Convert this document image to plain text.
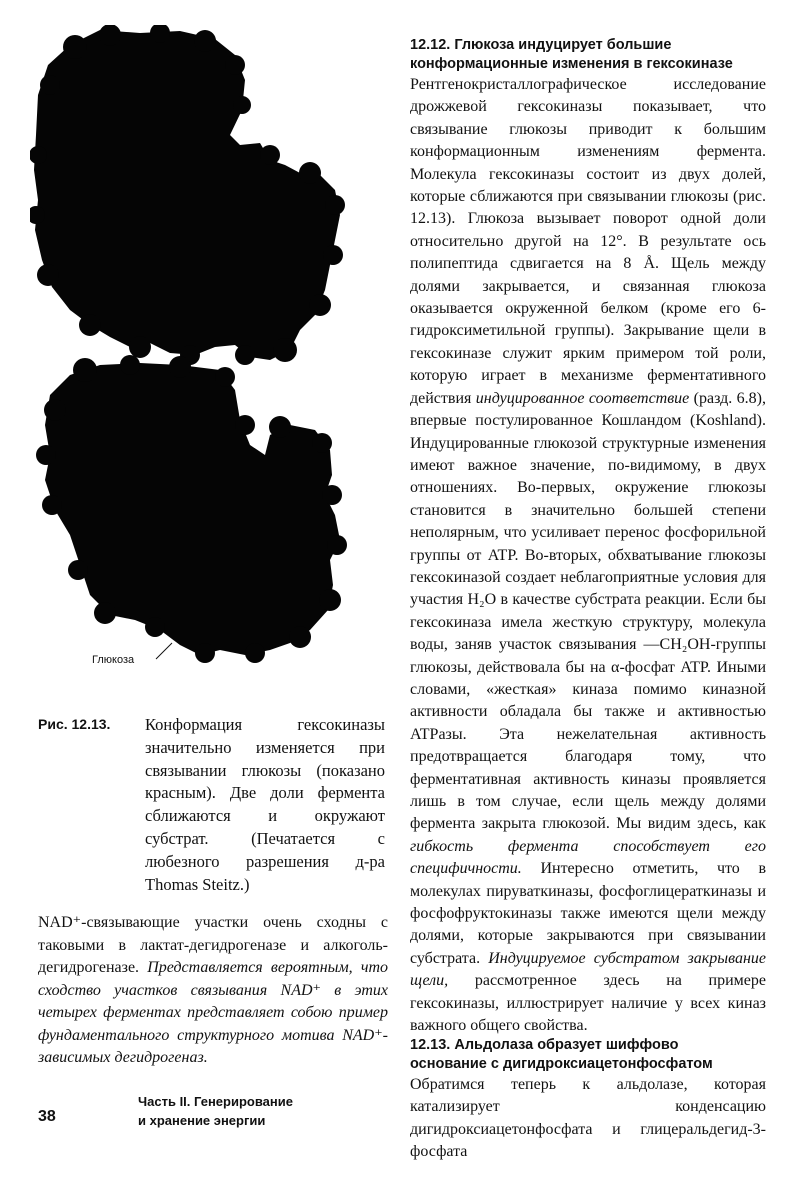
Глюкоза
Рис. 12.13. Конформация гексокиназы значительно изменяется при связывании глюкозы (показано красным). Две доли фермента сближаются и окружают субстрат. (Печатается с любезного разрешения д-ра Thomas Steitz.)

NAD⁺-связывающие участки очень сходны с таковыми в лактат-дегидрогеназе и алкоголь-дегидрогеназе. Представляется вероятным, что сходство участков связывания NAD⁺ в этих четырех ферментах представляет собою пример фундаментального структурного мотива NAD⁺-зависимых дегидрогеназ.

Часть II. Генерирование
и хранение энергии
38
12.12. Глюкоза индуцирует большие
конформационные изменения в гексокиназе

Рентгенокристаллографическое исследование дрожжевой гексокиназы показывает, что связывание глюкозы приводит к большим конформационным изменениям фермента. Молекула гексокиназы состоит из двух долей, которые сближаются при связывании глюкозы (рис. 12.13). Глюкоза вызывает поворот одной доли относительно другой на 12°. В результате ось полипептида сдвигается на 8 Å. Щель между долями закрывается, и связанная глюкоза оказывается окруженной белком (кроме его 6-гидроксиметильной группы). Закрывание щели в гексокиназе служит ярким примером той роли, которую играет в механизме ферментативного действия индуцированное соответствие (разд. 6.8), впервые постулированное Кошландом (Koshland). Индуцированные глюкозой структурные изменения имеют важное значение, по-видимому, в двух отношениях. Во-первых, окружение глюкозы становится в значительно большей степени неполярным, что усиливает перенос фосфорильной группы от ATP. Во-вторых, обхватывание глюкозы гексокиназой создает неблагоприятные условия для участия H₂O в качестве субстрата реакции. Если бы гексокиназа имела жесткую структуру, молекула воды, заняв участок связывания —CH₂OH-группы глюкозы, действовала бы на α-фосфат ATP. Иными словами, «жесткая» киназа помимо киназной активности обладала бы также и активностью ATPазы. Эта нежелательная активность предотвращается благодаря тому, что ферментативная активность киназы проявляется лишь в том случае, если щель между долями фермента закрыта глюкозой. Мы видим здесь, как гибкость фермента способствует его специфичности. Интересно отметить, что в молекулах пируваткиназы, фосфоглицераткиназы и фосфофруктокиназы также имеются щели между долями, которые закрываются при связывании субстрата. Индуцируемое субстратом закрывание щели, рассмотренное здесь на примере гексокиназы, иллюстрирует наличие у всех киназ важного общего свойства.

12.13. Альдолаза образует шиффово
основание с дигидроксиацетонфосфатом

Обратимся теперь к альдолазе, которая катализирует конденсацию дигидроксиацетонфосфата и глицеральдегид-3-фосфата
